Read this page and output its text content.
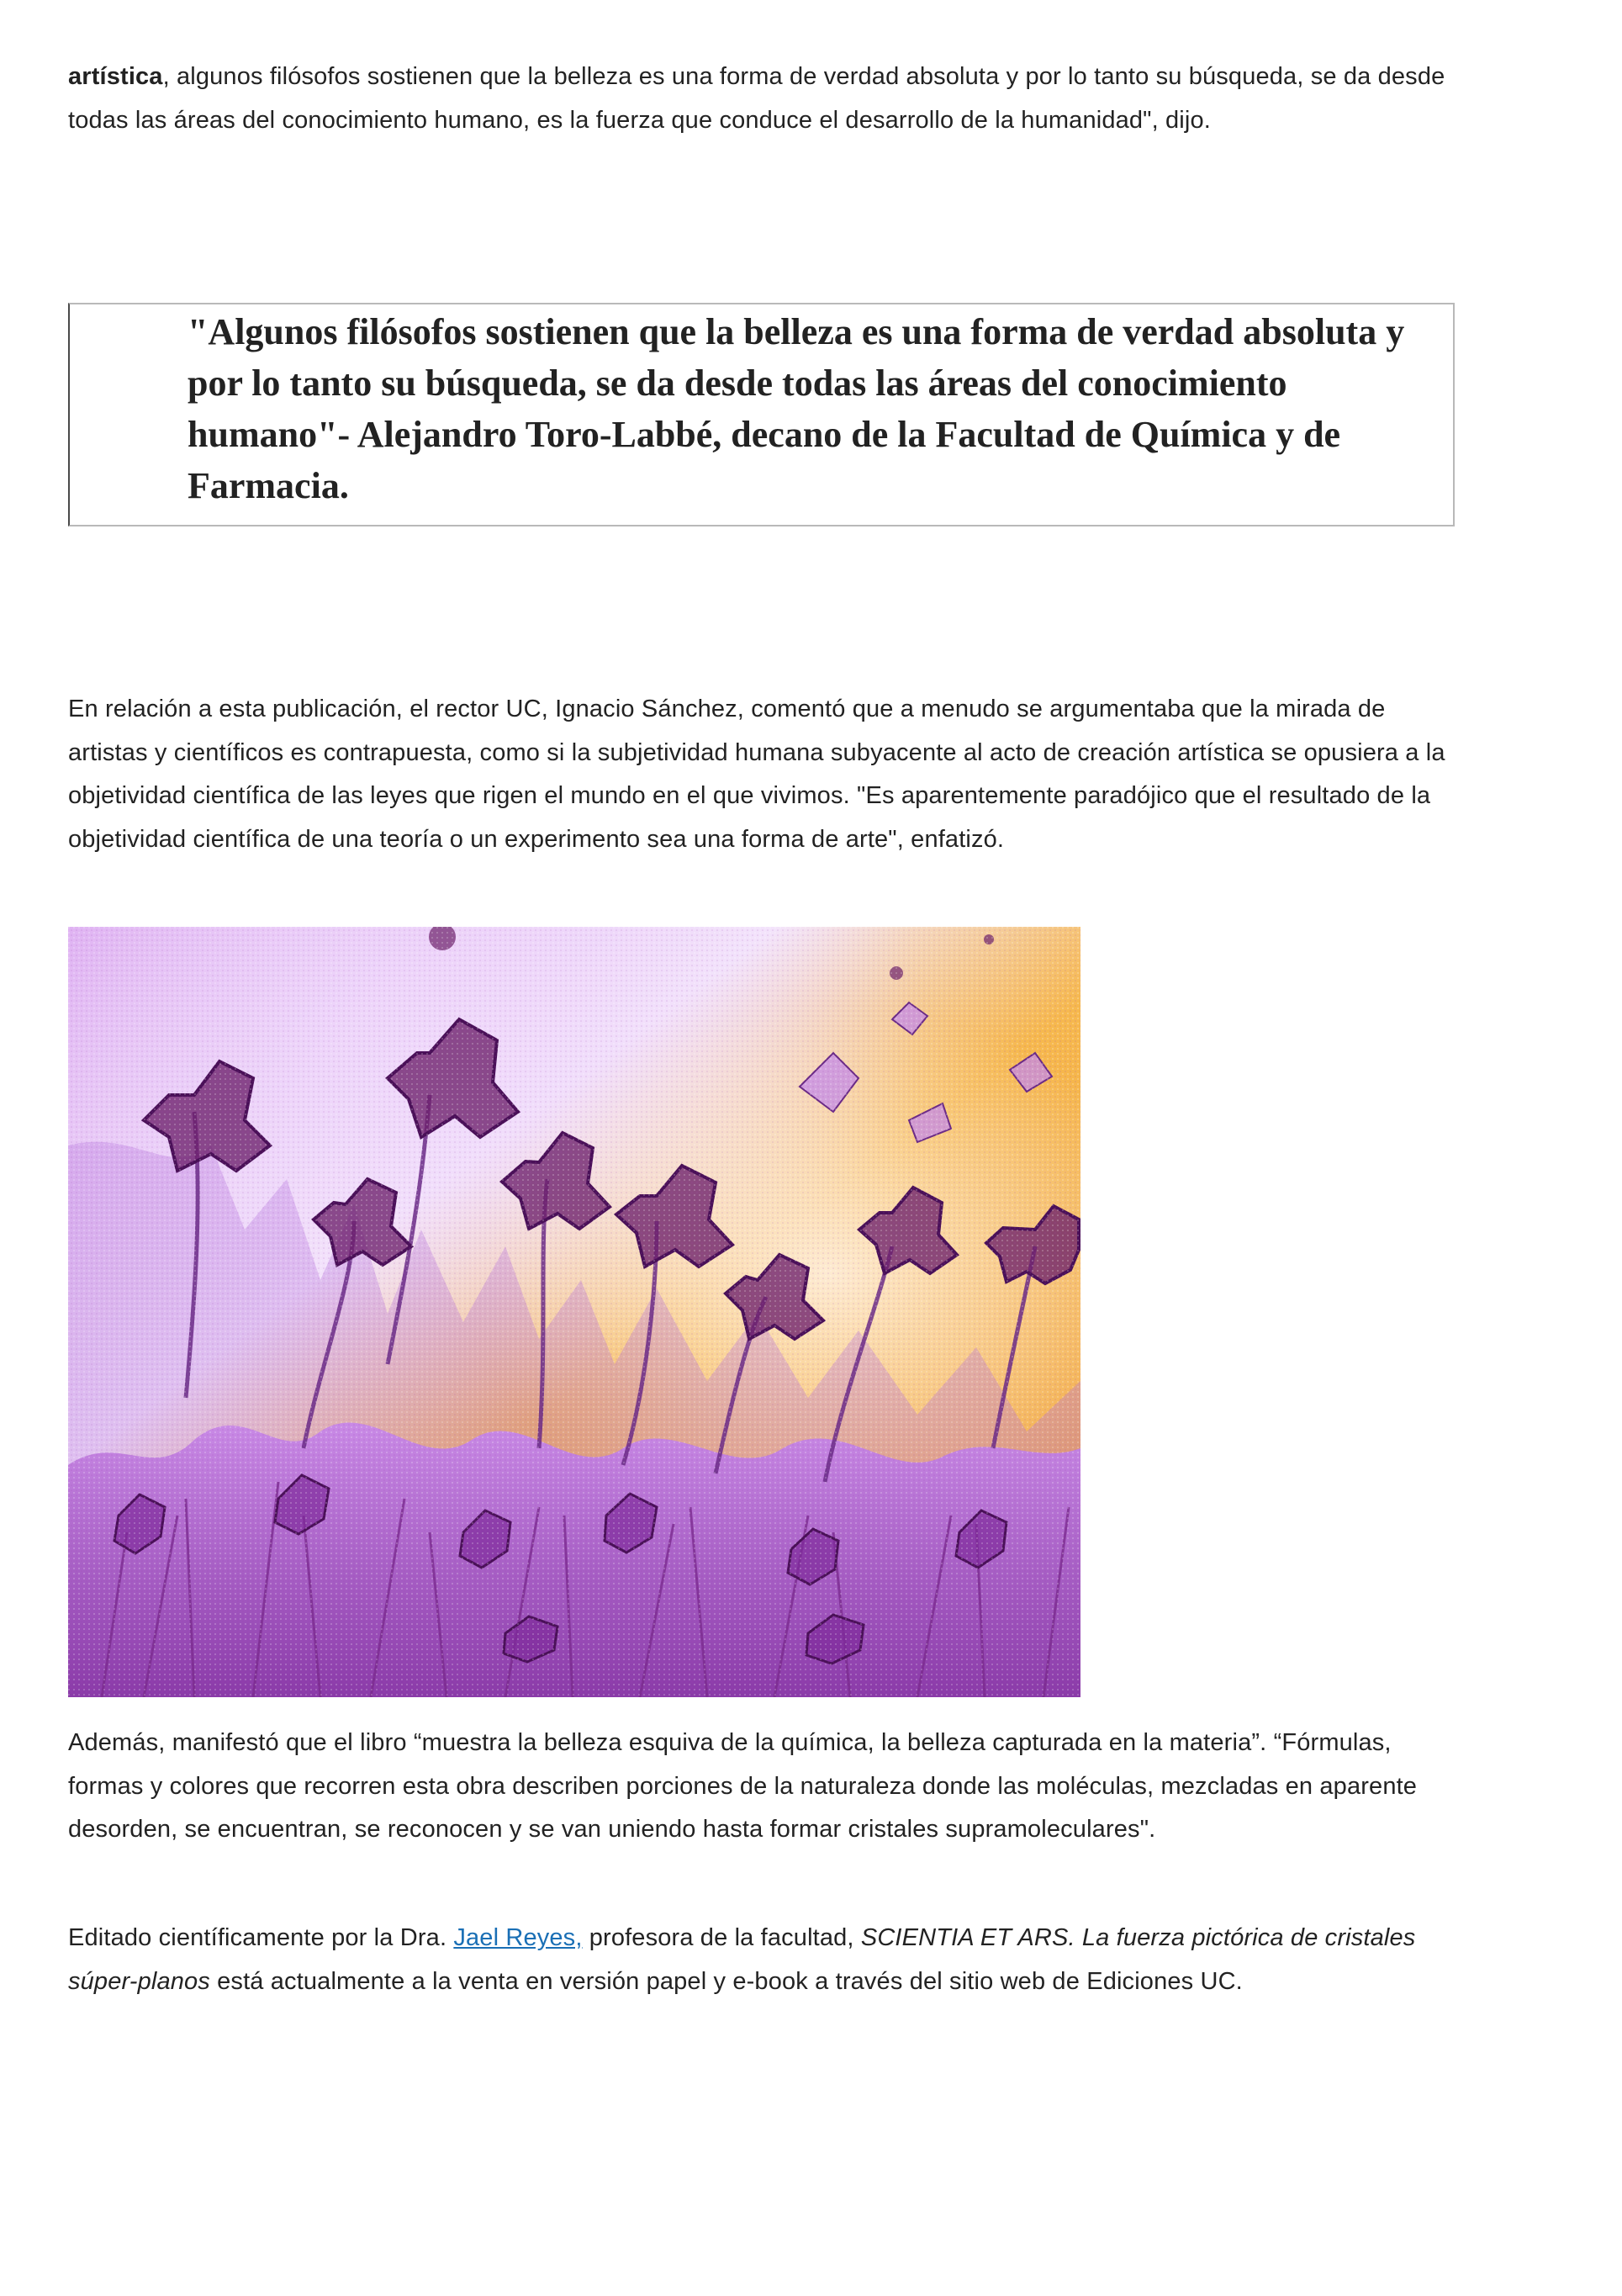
artística, algunos filósofos sostienen que la belleza es una forma de verdad absoluta y por lo tanto su búsqueda, se da desde todas las áreas del conocimiento humano, es la fuerza que conduce el desarrollo de la humanidad", dijo.

"Algunos filósofos sostienen que la belleza es una forma de verdad absoluta y por lo tanto su búsqueda, se da desde todas las áreas del conocimiento humano"- Alejandro Toro-Labbé, decano de la Facultad de Química y de Farmacia.

En relación a esta publicación, el rector UC, Ignacio Sánchez, comentó que a menudo se argumentaba que la mirada de artistas y científicos es contrapuesta, como si la subjetividad humana subyacente al acto de creación artística se opusiera a la objetividad científica de las leyes que rigen el mundo en el que vivimos. "Es aparentemente paradójico que el resultado de la objetividad científica de una teoría o un experimento sea una forma de arte", enfatizó.

Además, manifestó que el libro “muestra la belleza esquiva de la química, la belleza capturada en la materia”. “Fórmulas, formas y colores que recorren esta obra describen porciones de la naturaleza donde las moléculas, mezcladas en aparente desorden, se encuentran, se reconocen y se van uniendo hasta formar cristales supramoleculares".

Editado científicamente por la Dra. Jael Reyes, profesora de la facultad, SCIENTIA ET ARS. La fuerza pictórica de cristales súper-planos está actualmente a la venta en versión papel y e-book a través del sitio web de Ediciones UC.
